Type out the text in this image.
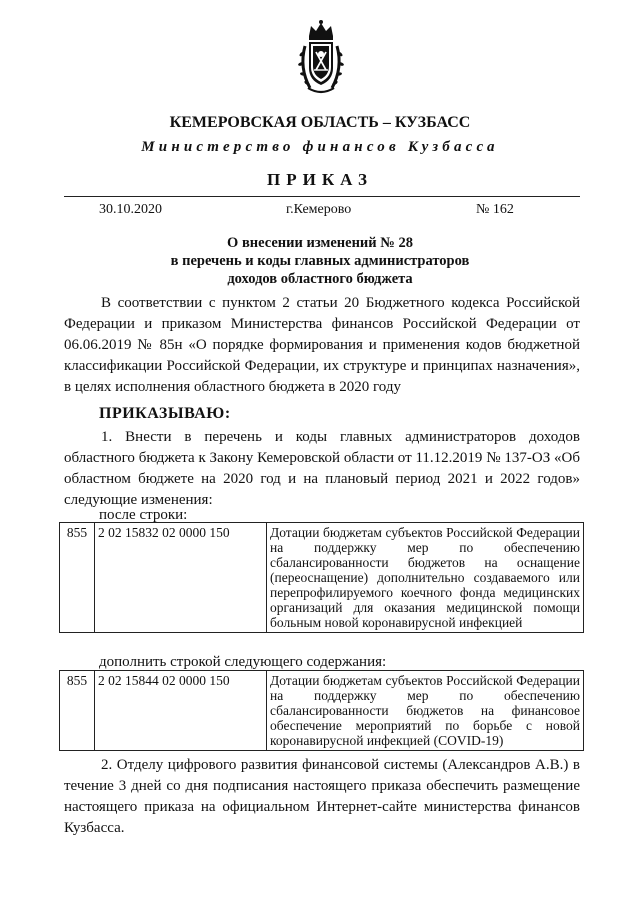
КЕМЕРОВСКАЯ ОБЛАСТЬ – КУЗБАСС
Министерство финансов Кузбасса
ПРИКАЗ
30.10.2020	г.Кемерово	№ 162
О внесении изменений № 28
в перечень и коды главных администраторов
доходов областного бюджета
В соответствии с пунктом 2 статьи 20 Бюджетного кодекса Российской Федерации и приказом Министерства финансов Российской Федерации от 06.06.2019 № 85н «О порядке формирования и применения кодов бюджетной классификации Российской Федерации, их структуре и принципах назначения», в целях исполнения областного бюджета в 2020 году
ПРИКАЗЫВАЮ:
1. Внести в перечень и коды главных администраторов доходов областного бюджета к Закону Кемеровской области от 11.12.2019 № 137-ОЗ «Об областном бюджете на 2020 год и на плановый период 2021 и 2022 годов» следующие изменения:
после строки:
855	2 02 15832 02 0000 150	Дотации бюджетам субъектов Российской Федерации на поддержку мер по обеспечению сбалансированности бюджетов на оснащение (переоснащение) дополнительно создаваемого или перепрофилируемого коечного фонда медицинских организаций для оказания медицинской помощи больным новой коронавирусной инфекцией
дополнить строкой следующего содержания:
855	2 02 15844 02 0000 150	Дотации бюджетам субъектов Российской Федерации на поддержку мер по обеспечению сбалансированности бюджетов на финансовое обеспечение мероприятий по борьбе с новой коронавирусной инфекцией (COVID-19)
2. Отделу цифрового развития финансовой системы (Александров А.В.) в течение 3 дней со дня подписания настоящего приказа обеспечить размещение настоящего приказа на официальном Интернет-сайте министерства финансов Кузбасса.
